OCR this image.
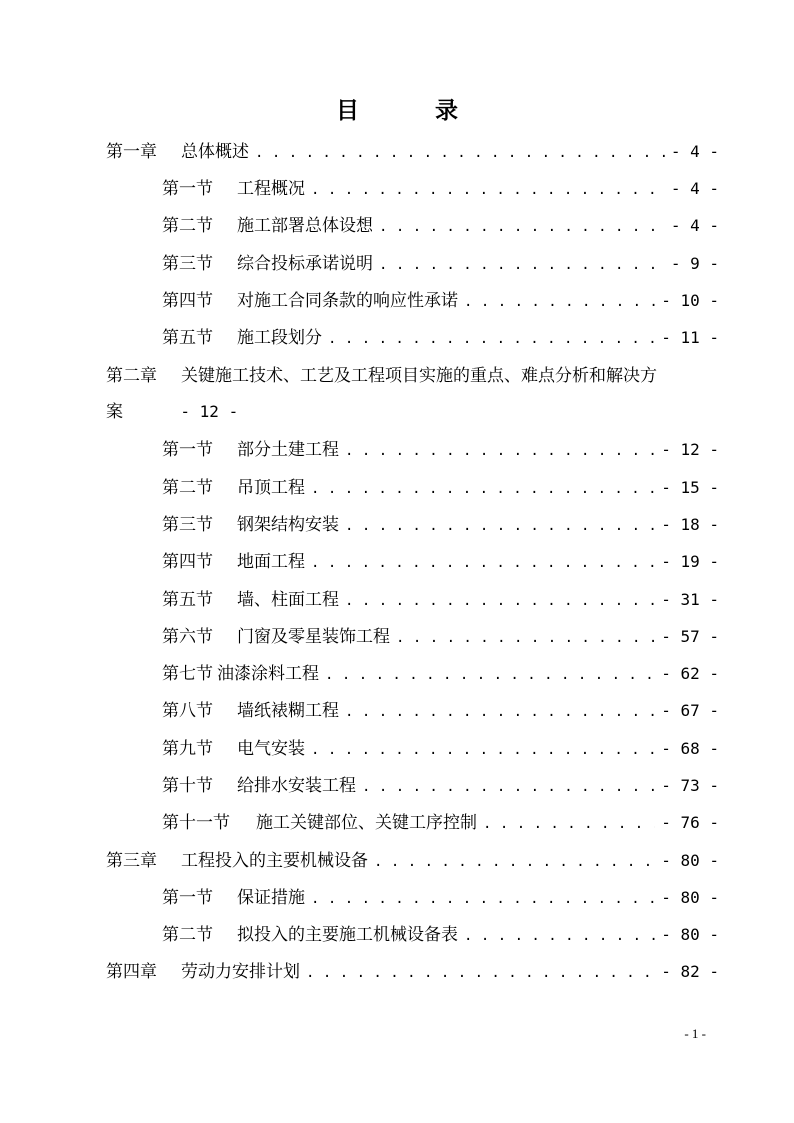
目 录
第一章	总体概述 . . .	- 4 -
第一节	工程概况 . . .	- 4 -
第二节	施工部署总体设想 . . .	- 4 -
第三节	综合投标承诺说明 . . .	- 9 -
第四节	对施工合同条款的响应性承诺 . . .	- 10 -
第五节	施工段划分 . . .	- 11 -
第二章	关键施工技术、工艺及工程项目实施的重点、难点分析和解决方
案	- 12 -
第一节	部分土建工程 . . .	- 12 -
第二节	吊顶工程 . . .	- 15 -
第三节	钢架结构安装 . . .	- 18 -
第四节	地面工程 . . .	- 19 -
第五节	墙、柱面工程 . . .	- 31 -
第六节	门窗及零星装饰工程 . . .	- 57 -
第七节 油漆涂料工程 . . .	- 62 -
第八节	墙纸裱糊工程 . . .	- 67 -
第九节	电气安装 . . .	- 68 -
第十节	给排水安装工程 . . .	- 73 -
第十一节	施工关键部位、关键工序控制 . . .	- 76 -
第三章	工程投入的主要机械设备 . . .	- 80 -
第一节	保证措施 . . .	- 80 -
第二节	拟投入的主要施工机械设备表 . . .	- 80 -
第四章	劳动力安排计划 . . .	- 82 -
- 1 -
